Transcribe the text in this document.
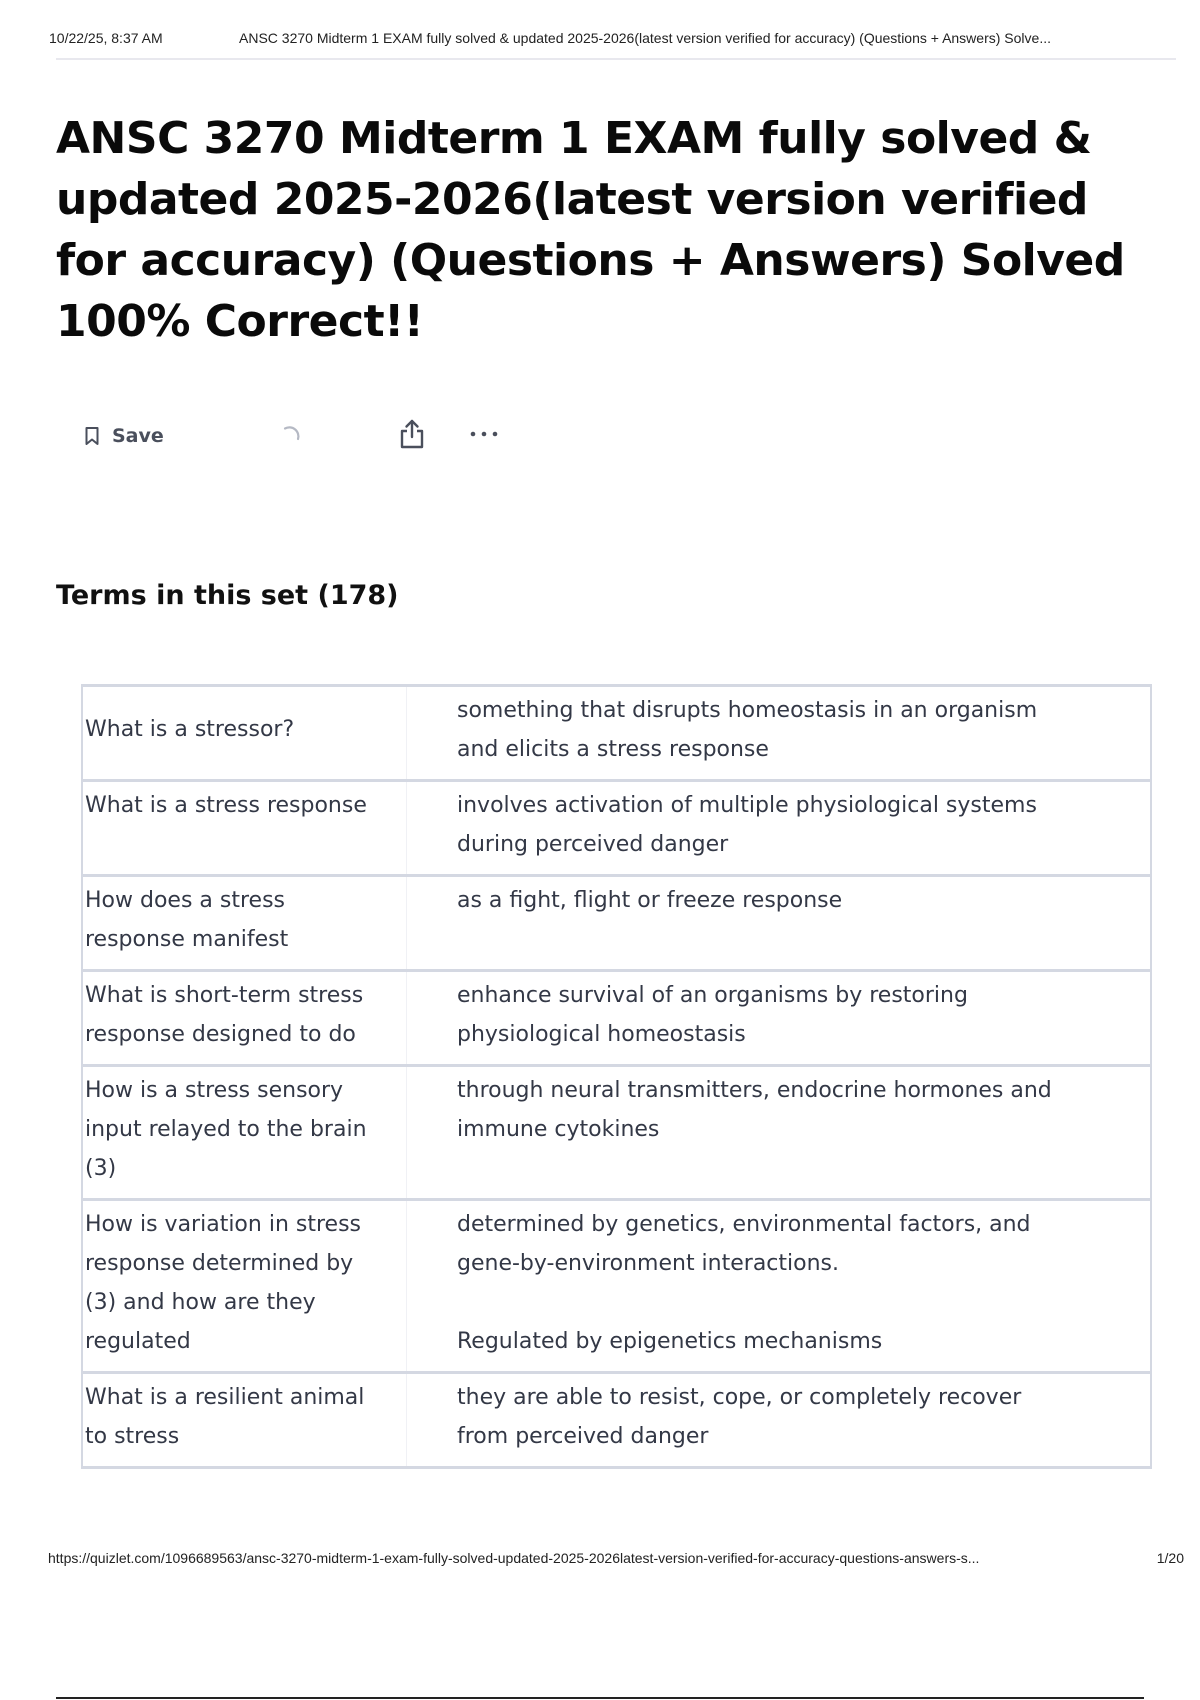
10/22/25, 8:37 AM	ANSC 3270 Midterm 1 EXAM fully solved & updated 2025-2026(latest version verified for accuracy) (Questions + Answers) Solve...
ANSC 3270 Midterm 1 EXAM fully solved & updated 2025-2026(latest version verified for accuracy) (Questions + Answers) Solved 100% Correct!!
Save
Terms in this set (178)
What is a stressor?	something that disrupts homeostasis in an organism
and elicits a stress response

What is a stress response	involves activation of multiple physiological systems
during perceived danger

How does a stress
response manifest	as a fight, flight or freeze response

What is short-term stress
response designed to do	enhance survival of an organisms by restoring
physiological homeostasis

How is a stress sensory
input relayed to the brain
(3)	through neural transmitters, endocrine hormones and
immune cytokines

How is variation in stress
response determined by
(3) and how are they
regulated	determined by genetics, environmental factors, and
gene-by-environment interactions.
Regulated by epigenetics mechanisms

What is a resilient animal
to stress	they are able to resist, cope, or completely recover
from perceived danger
https://quizlet.com/1096689563/ansc-3270-midterm-1-exam-fully-solved-updated-2025-2026latest-version-verified-for-accuracy-questions-answers-s...	1/20
